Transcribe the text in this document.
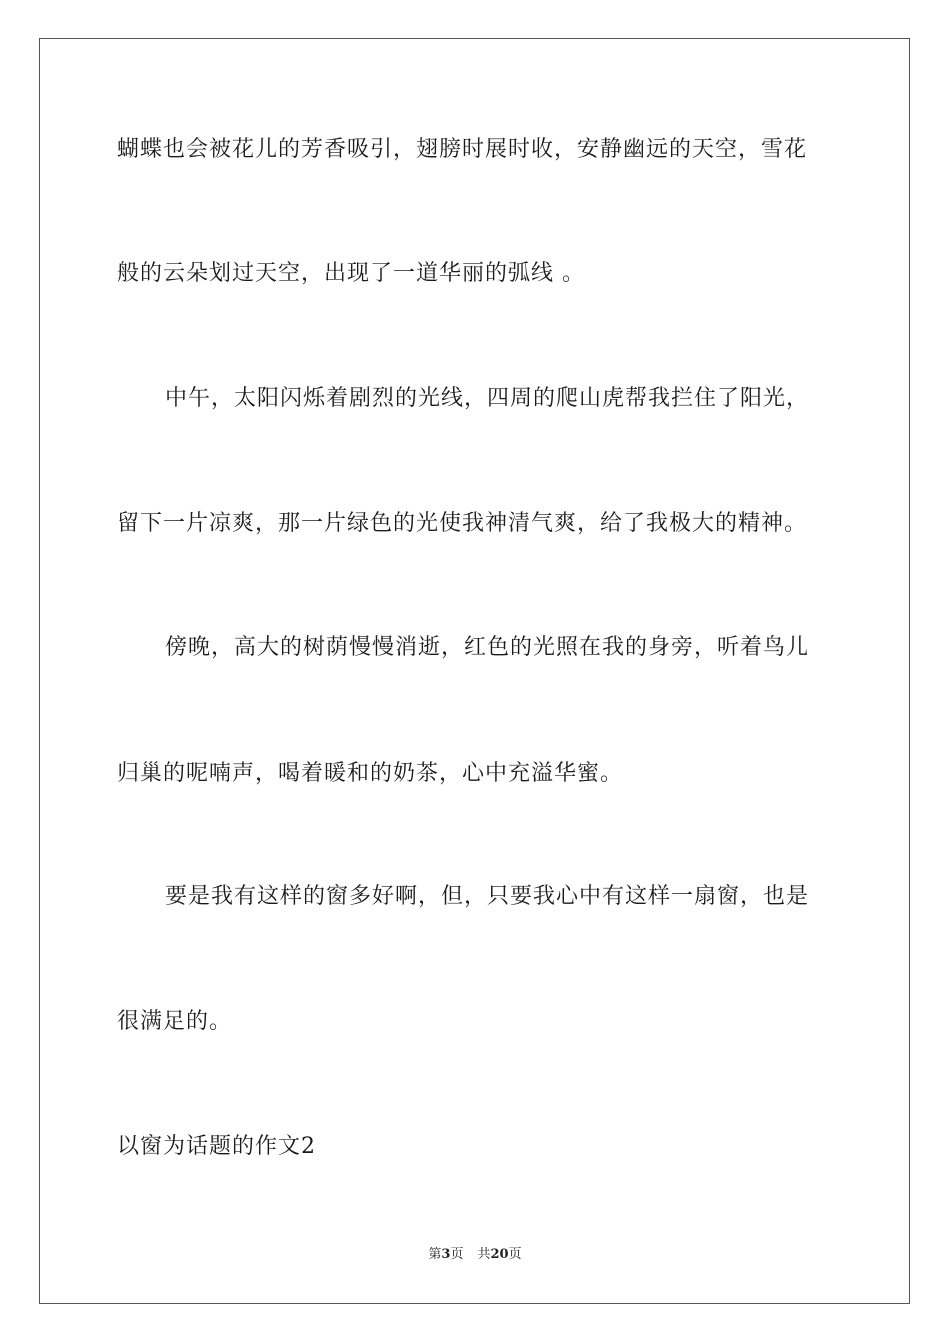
蝴蝶也会被花儿的芳香吸引，翅膀时展时收，安静幽远的天空，雪花
般的云朵划过天空，出现了一道华丽的弧线 。
中午，太阳闪烁着剧烈的光线，四周的爬山虎帮我拦住了阳光，
留下一片凉爽，那一片绿色的光使我神清气爽，给了我极大的精神。
傍晚，高大的树荫慢慢消逝，红色的光照在我的身旁，听着鸟儿
归巢的呢喃声，喝着暖和的奶茶，心中充溢华蜜。
要是我有这样的窗多好啊，但，只要我心中有这样一扇窗，也是
很满足的。
以窗为话题的作文2
第3页 共20页
